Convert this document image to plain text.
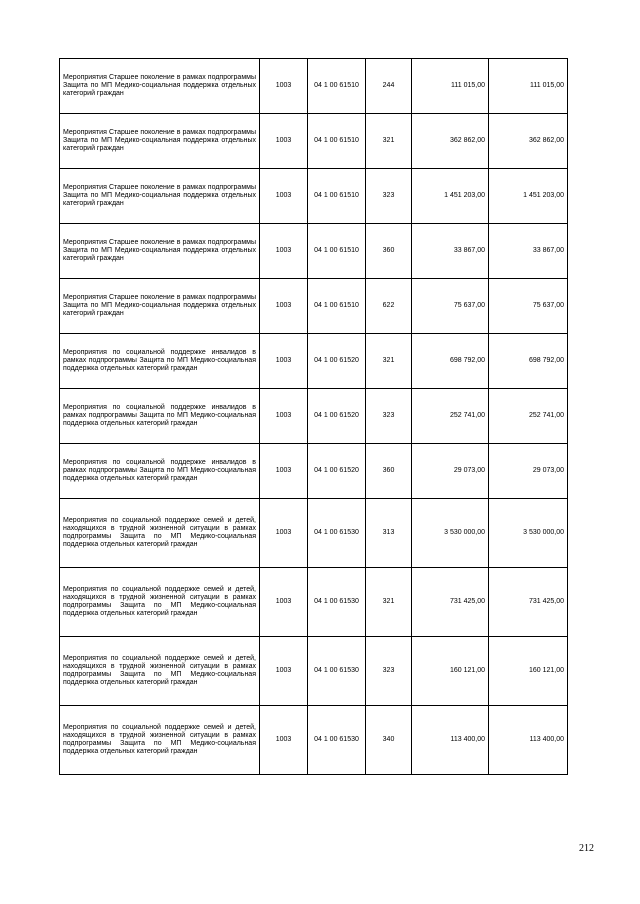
Мероприятия Старшее поколение в рамках подпрограммы Защита по МП Медико-социальная поддержка отдельных категорий граждан	1003	04 1 00 61510	244	111 015,00	111 015,00
Мероприятия Старшее поколение в рамках подпрограммы Защита по МП Медико-социальная поддержка отдельных категорий граждан	1003	04 1 00 61510	321	362 862,00	362 862,00
Мероприятия Старшее поколение в рамках подпрограммы Защита по МП Медико-социальная поддержка отдельных категорий граждан	1003	04 1 00 61510	323	1 451 203,00	1 451 203,00
Мероприятия Старшее поколение в рамках подпрограммы Защита по МП Медико-социальная поддержка отдельных категорий граждан	1003	04 1 00 61510	360	33 867,00	33 867,00
Мероприятия Старшее поколение в рамках подпрограммы Защита по МП Медико-социальная поддержка отдельных категорий граждан	1003	04 1 00 61510	622	75 637,00	75 637,00
Мероприятия по социальной поддержке инвалидов в рамках подпрограммы Защита по МП Медико-социальная поддержка отдельных категорий граждан	1003	04 1 00 61520	321	698 792,00	698 792,00
Мероприятия по социальной поддержке инвалидов в рамках подпрограммы Защита по МП Медико-социальная поддержка отдельных категорий граждан	1003	04 1 00 61520	323	252 741,00	252 741,00
Мероприятия по социальной поддержке инвалидов в рамках подпрограммы Защита по МП Медико-социальная поддержка отдельных категорий граждан	1003	04 1 00 61520	360	29 073,00	29 073,00
Мероприятия по социальной поддержке семей и детей, находящихся в трудной жизненной ситуации в рамках подпрограммы Защита по МП Медико-социальная поддержка отдельных категорий граждан	1003	04 1 00 61530	313	3 530 000,00	3 530 000,00
Мероприятия по социальной поддержке семей и детей, находящихся в трудной жизненной ситуации в рамках подпрограммы Защита по МП Медико-социальная поддержка отдельных категорий граждан	1003	04 1 00 61530	321	731 425,00	731 425,00
Мероприятия по социальной поддержке семей и детей, находящихся в трудной жизненной ситуации в рамках подпрограммы Защита по МП Медико-социальная поддержка отдельных категорий граждан	1003	04 1 00 61530	323	160 121,00	160 121,00
Мероприятия по социальной поддержке семей и детей, находящихся в трудной жизненной ситуации в рамках подпрограммы Защита по МП Медико-социальная поддержка отдельных категорий граждан	1003	04 1 00 61530	340	113 400,00	113 400,00
212
